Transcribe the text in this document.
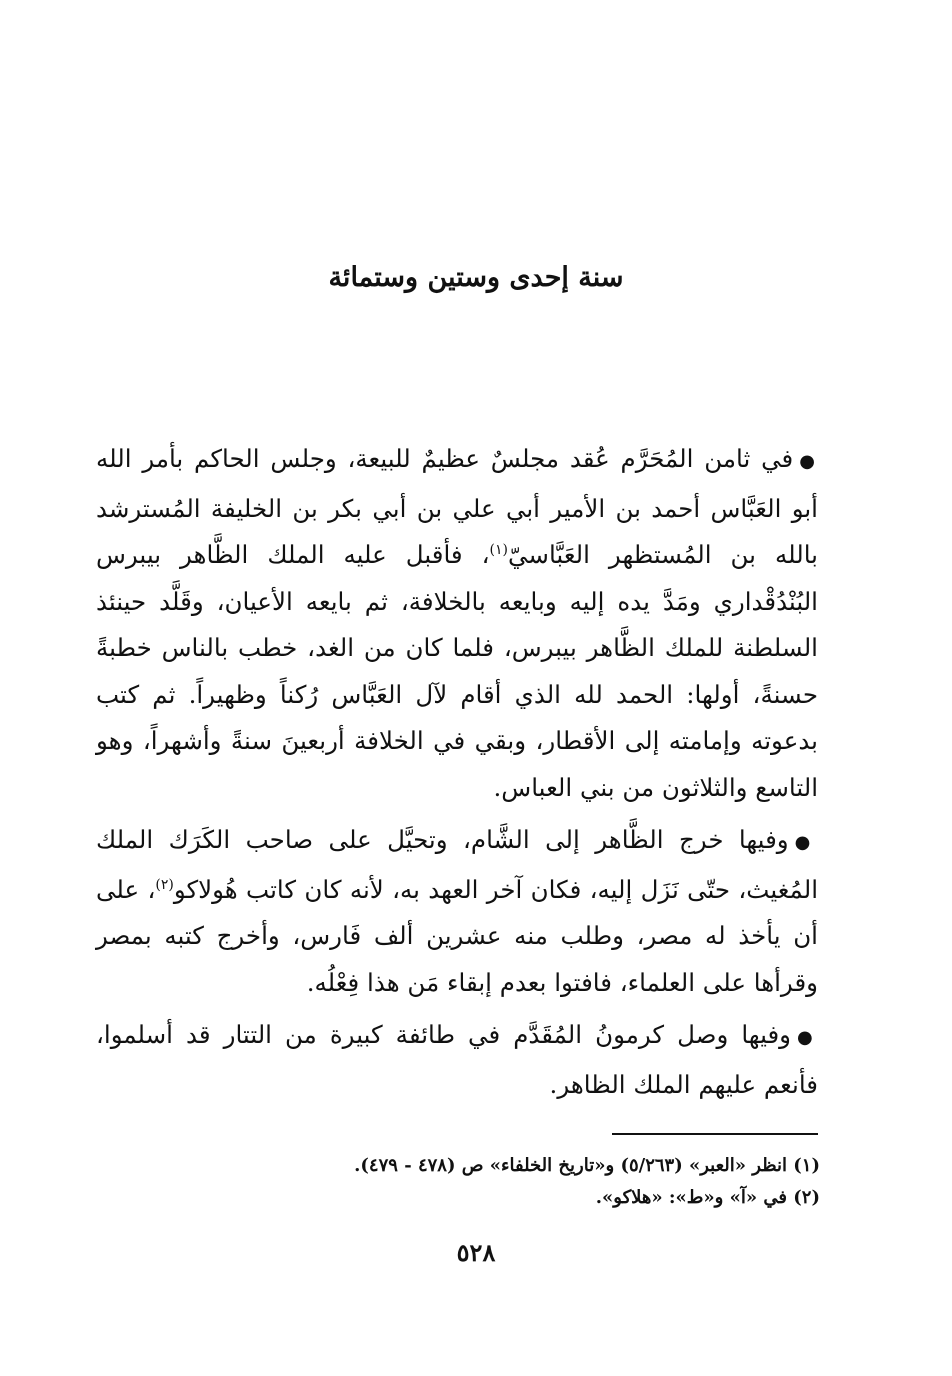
سنة إحدى وستين وستمائة

●في ثامن المُحَرَّم عُقد مجلسٌ عظيمٌ للبيعة، وجلس الحاكم بأمر الله أبو العَبَّاس أحمد بن الأمير أبي علي بن أبي بكر بن الخليفة المُسترشد بالله بن المُستظهر العَبَّاسيّ$^{(١)}$، فأقبل عليه الملك الظَّاهر بيبرس البُنْدُقْداري ومَدَّ يده إليه وبايعه بالخلافة، ثم بايعه الأعيان، وقَلَّد حينئذ السلطنة للملك الظَّاهر بيبرس، فلما كان من الغد، خطب بالناس خطبةً حسنةً، أولها: الحمد لله الذي أقام لآل العَبَّاس رُكناً وظهيراً. ثم كتب بدعوته وإمامته إلى الأقطار، وبقي في الخلافة أربعينَ سنةً وأشهراً، وهو التاسع والثلاثون من بني العباس.

●وفيها خرج الظَّاهر إلى الشَّام، وتحيَّل على صاحب الكَرَك الملك المُغيث، حتّى نَزَل إليه، فكان آخر العهد به، لأنه كان كاتب هُولاكو$^{(٢)}$، على أن يأخذ له مصر، وطلب منه عشرين ألف فَارس، وأخرج كتبه بمصر وقرأها على العلماء، فافتوا بعدم إبقاء مَن هذا فِعْلُه.

●وفيها وصل كرمونُ المُقَدَّم في طائفة كبيرة من التتار قد أسلموا، فأنعم عليهم الملك الظاهر.

(١) انظر «العبر» (٥/٢٦٣) و«تاريخ الخلفاء» ص (٤٧٨ - ٤٧٩).

(٢) في «آ» و«ط»: «هلاكو».

٥٢٨
